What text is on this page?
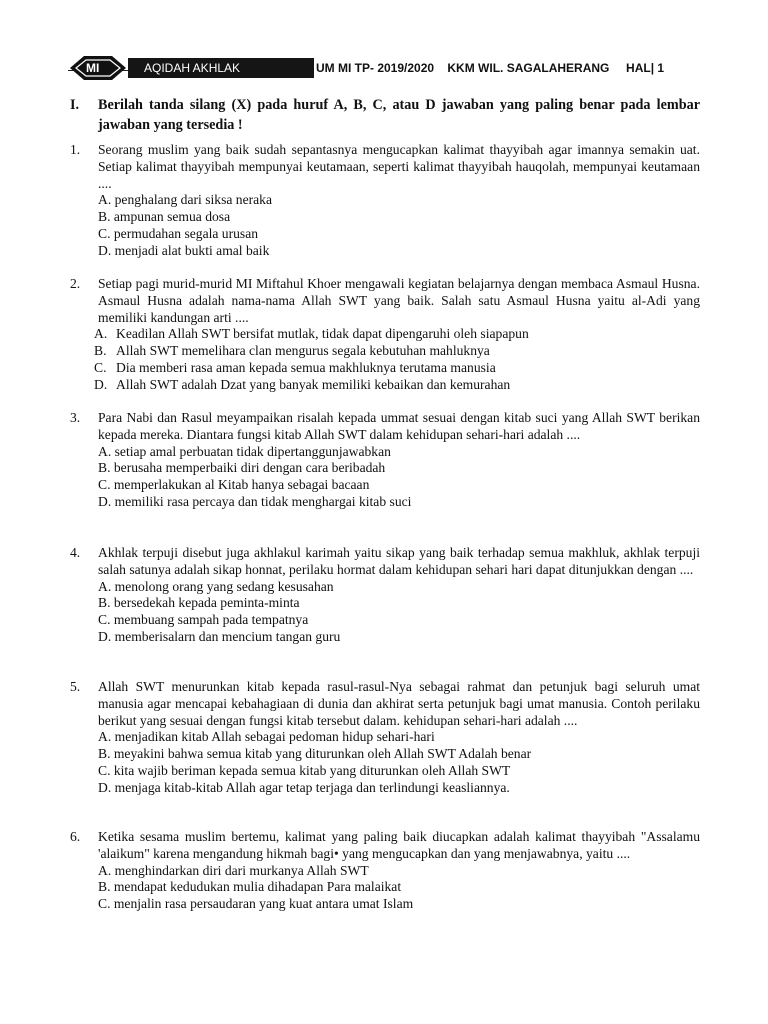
MI	AQIDAH AKHLAK	UM MI TP- 2019/2020    KKM WIL. SAGALAHERANG     HAL| 1
I. Berilah tanda silang (X) pada huruf A, B, C, atau D jawaban yang paling benar pada lembar jawaban yang tersedia !
1. Seorang muslim yang baik sudah sepantasnya mengucapkan kalimat thayyibah agar imannya semakin uat. Setiap kalimat thayyibah mempunyai keutamaan, seperti kalimat thayyibah hauqolah, mempunyai keutamaan ....
A. penghalang dari siksa neraka
B. ampunan semua dosa
C. permudahan segala urusan
D. menjadi alat bukti amal baik
2. Setiap pagi murid-murid MI Miftahul Khoer mengawali kegiatan belajarnya dengan membaca Asmaul Husna. Asmaul Husna adalah nama-nama Allah SWT yang baik. Salah satu Asmaul Husna yaitu al-Adi yang memiliki kandungan arti ....
A. Keadilan Allah SWT bersifat mutlak, tidak dapat dipengaruhi oleh siapapun
B. Allah SWT memelihara clan mengurus segala kebutuhan mahluknya
C. Dia memberi rasa aman kepada semua makhluknya terutama manusia
D. Allah SWT adalah Dzat yang banyak memiliki kebaikan dan kemurahan
3. Para Nabi dan Rasul meyampaikan risalah kepada ummat sesuai dengan kitab suci yang Allah SWT berikan kepada mereka. Diantara fungsi kitab Allah SWT dalam kehidupan sehari-hari adalah ....
A. setiap amal perbuatan tidak dipertanggunjawabkan
B. berusaha memperbaiki diri dengan cara beribadah
C. memperlakukan al Kitab hanya sebagai bacaan
D. memiliki rasa percaya dan tidak menghargai kitab suci
4. Akhlak terpuji disebut juga akhlakul karimah yaitu sikap yang baik terhadap semua makhluk, akhlak terpuji salah satunya adalah sikap honnat, perilaku hormat dalam kehidupan sehari hari dapat ditunjukkan dengan ....
A. menolong orang yang sedang kesusahan
B. bersedekah kepada peminta-minta
C. membuang sampah pada tempatnya
D. memberisalarn dan mencium tangan guru
5. Allah SWT menurunkan kitab kepada rasul-rasul-Nya sebagai rahmat dan petunjuk bagi seluruh umat manusia agar mencapai kebahagiaan di dunia dan akhirat serta petunjuk bagi umat manusia. Contoh perilaku berikut yang sesuai dengan fungsi kitab tersebut dalam. kehidupan sehari-hari adalah ....
A. menjadikan kitab Allah sebagai pedoman hidup sehari-hari
B. meyakini bahwa semua kitab yang diturunkan oleh Allah SWT Adalah benar
C. kita wajib beriman kepada semua kitab yang diturunkan oleh Allah SWT
D. menjaga kitab-kitab Allah agar tetap terjaga dan terlindungi keasliannya.
6. Ketika sesama muslim bertemu, kalimat yang paling baik diucapkan adalah kalimat thayyibah "Assalamu 'alaikum" karena mengandung hikmah bagi• yang mengucapkan dan yang menjawabnya, yaitu ....
A. menghindarkan diri dari murkanya Allah SWT
B. mendapat kedudukan mulia dihadapan Para malaikat
C. menjalin rasa persaudaran yang kuat antara umat Islam
